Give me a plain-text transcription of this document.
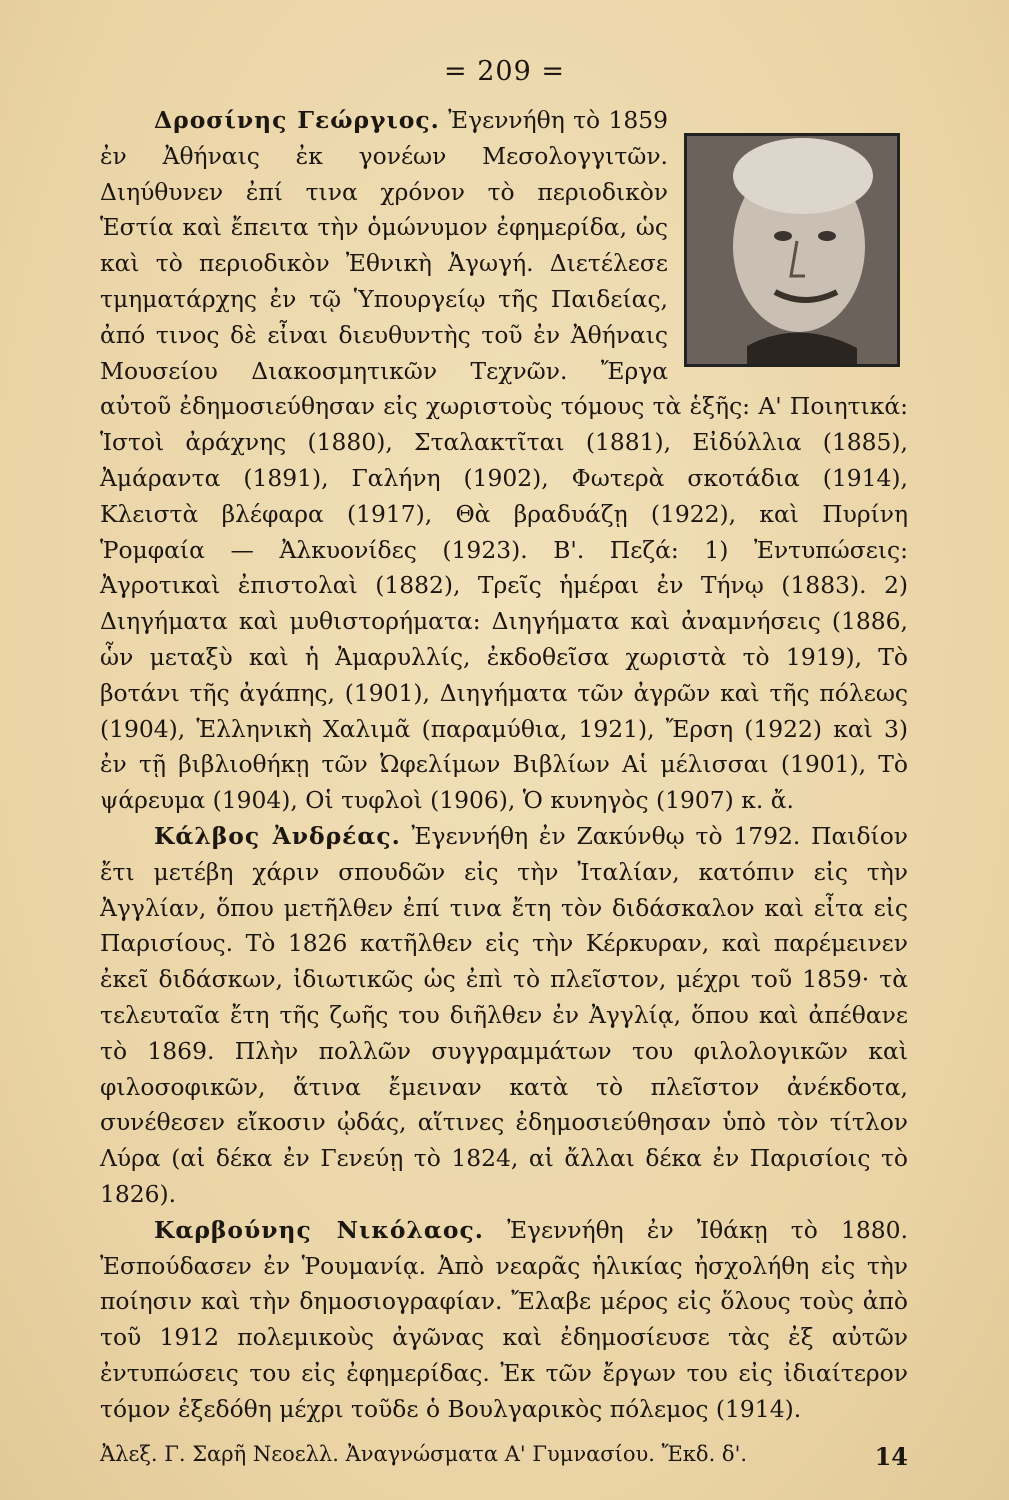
= 209 =

Δροσίνης Γεώργιος. Ἐγεννήθη τὸ 1859 ἐν Ἀθήναις ἐκ γονέων Μεσολογγιτῶν. Διηύθυνεν ἐπί τινα χρόνον τὸ περιοδικὸν Ἑστία καὶ ἔπειτα τὴν ὁμώνυμον ἐφημερίδα, ὡς καὶ τὸ περιοδικὸν Ἐθνικὴ Ἀγωγή. Διετέλεσε τμηματάρχης ἐν τῷ Ὑπουργείῳ τῆς Παιδείας, ἀπό τινος δὲ εἶναι διευθυντὴς τοῦ ἐν Ἀθήναις Μουσείου Διακοσμητικῶν Τεχνῶν. Ἔργα αὐτοῦ ἐδημοσιεύθησαν εἰς χωριστοὺς τόμους τὰ ἑξῆς: Α' Ποιητικά: Ἱστοὶ ἀράχνης (1880), Σταλακτῖται (1881), Εἰδύλλια (1885), Ἀμάραντα (1891), Γαλήνη (1902), Φωτερὰ σκοτάδια (1914), Κλειστὰ βλέφαρα (1917), Θὰ βραδυάζῃ (1922), καὶ Πυρίνη Ῥομφαία — Ἀλκυονίδες (1923). Β'. Πεζά: 1) Ἐντυπώσεις: Ἀγροτικαὶ ἐπιστολαὶ (1882), Τρεῖς ἡμέραι ἐν Τήνῳ (1883). 2) Διηγήματα καὶ μυθιστορήματα: Διηγήματα καὶ ἀναμνήσεις (1886, ὧν μεταξὺ καὶ ἡ Ἀμαρυλλίς, ἐκδοθεῖσα χωριστὰ τὸ 1919), Τὸ βοτάνι τῆς ἀγάπης, (1901), Διηγήματα τῶν ἀγρῶν καὶ τῆς πόλεως (1904), Ἑλληνικὴ Χαλιμᾶ (παραμύθια, 1921), Ἔρση (1922) καὶ 3) ἐν τῇ βιβλιοθήκῃ τῶν Ὠφελίμων Βιβλίων Αἱ μέλισσαι (1901), Τὸ ψάρευμα (1904), Οἱ τυφλοὶ (1906), Ὁ κυνηγὸς (1907) κ. ἄ.

Κάλβος Ἀνδρέας. Ἐγεννήθη ἐν Ζακύνθῳ τὸ 1792. Παιδίον ἔτι μετέβη χάριν σπουδῶν εἰς τὴν Ἰταλίαν, κατόπιν εἰς τὴν Ἀγγλίαν, ὅπου μετῆλθεν ἐπί τινα ἔτη τὸν διδάσκαλον καὶ εἶτα εἰς Παρισίους. Τὸ 1826 κατῆλθεν εἰς τὴν Κέρκυραν, καὶ παρέμεινεν ἐκεῖ διδάσκων, ἰδιωτικῶς ὡς ἐπὶ τὸ πλεῖστον, μέχρι τοῦ 1859· τὰ τελευταῖα ἔτη τῆς ζωῆς του διῆλθεν ἐν Ἀγγλίᾳ, ὅπου καὶ ἀπέθανε τὸ 1869. Πλὴν πολλῶν συγγραμμάτων του φιλολογικῶν καὶ φιλοσοφικῶν, ἅτινα ἔμειναν κατὰ τὸ πλεῖστον ἀνέκδοτα, συνέθεσεν εἴκοσιν ᾠδάς, αἵτινες ἐδημοσιεύθησαν ὑπὸ τὸν τίτλον Λύρα (αἱ δέκα ἐν Γενεύῃ τὸ 1824, αἱ ἄλλαι δέκα ἐν Παρισίοις τὸ 1826).

Καρβούνης Νικόλαος. Ἐγεννήθη ἐν Ἰθάκῃ τὸ 1880. Ἐσπούδασεν ἐν Ῥουμανίᾳ. Ἀπὸ νεαρᾶς ἡλικίας ἠσχολήθη εἰς τὴν ποίησιν καὶ τὴν δημοσιογραφίαν. Ἔλαβε μέρος εἰς ὅλους τοὺς ἀπὸ τοῦ 1912 πολεμικοὺς ἀγῶνας καὶ ἐδημοσίευσε τὰς ἐξ αὐτῶν ἐντυπώσεις του εἰς ἐφημερίδας. Ἐκ τῶν ἔργων του εἰς ἰδιαίτερον τόμον ἐξεδόθη μέχρι τοῦδε ὁ Βουλγαρικὸς πόλεμος (1914).

Ἀλεξ. Γ. Σαρῆ Νεοελλ. Ἀναγνώσματα Α' Γυμνασίου. Ἔκδ. δ'.	14
